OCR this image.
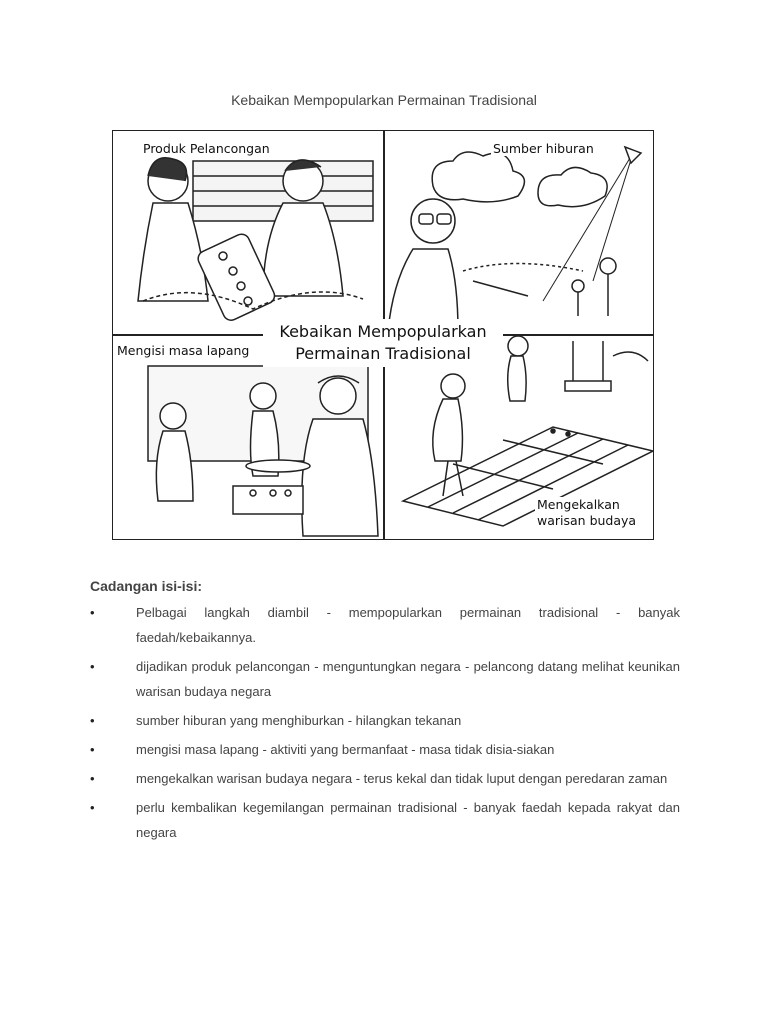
Kebaikan Mempopularkan Permainan Tradisional
Produk Pelancongan	Sumber hiburan
Mengisi masa lapang
Mengekalkan
warisan budaya
Kebaikan Mempopularkan
Permainan Tradisional
Cadangan isi-isi:
•	Pelbagai langkah diambil - mempopularkan permainan tradisional - banyak faedah/kebaikannya.
•	dijadikan produk pelancongan - menguntungkan negara - pelancong datang melihat keunikan warisan budaya negara
•	sumber hiburan yang menghiburkan - hilangkan tekanan
•	mengisi masa lapang - aktiviti yang bermanfaat - masa tidak disia-siakan
•	mengekalkan warisan budaya negara - terus kekal dan tidak luput dengan peredaran zaman
•	perlu kembalikan kegemilangan permainan tradisional - banyak faedah kepada rakyat dan negara
